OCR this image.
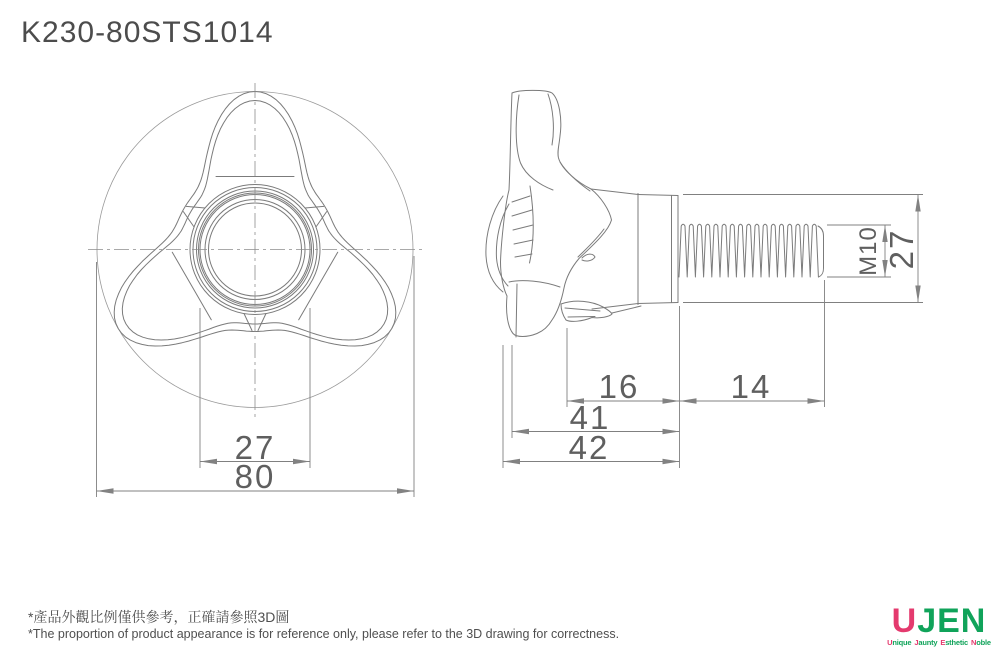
K230-80STS1014
27
80
16	14
41
42
M10 27
*產品外觀比例僅供參考，正確請參照3D圖
*The proportion of product appearance is for reference only, please refer to the 3D drawing for correctness.	UJEN
Unique Jaunty Esthetic Noble
